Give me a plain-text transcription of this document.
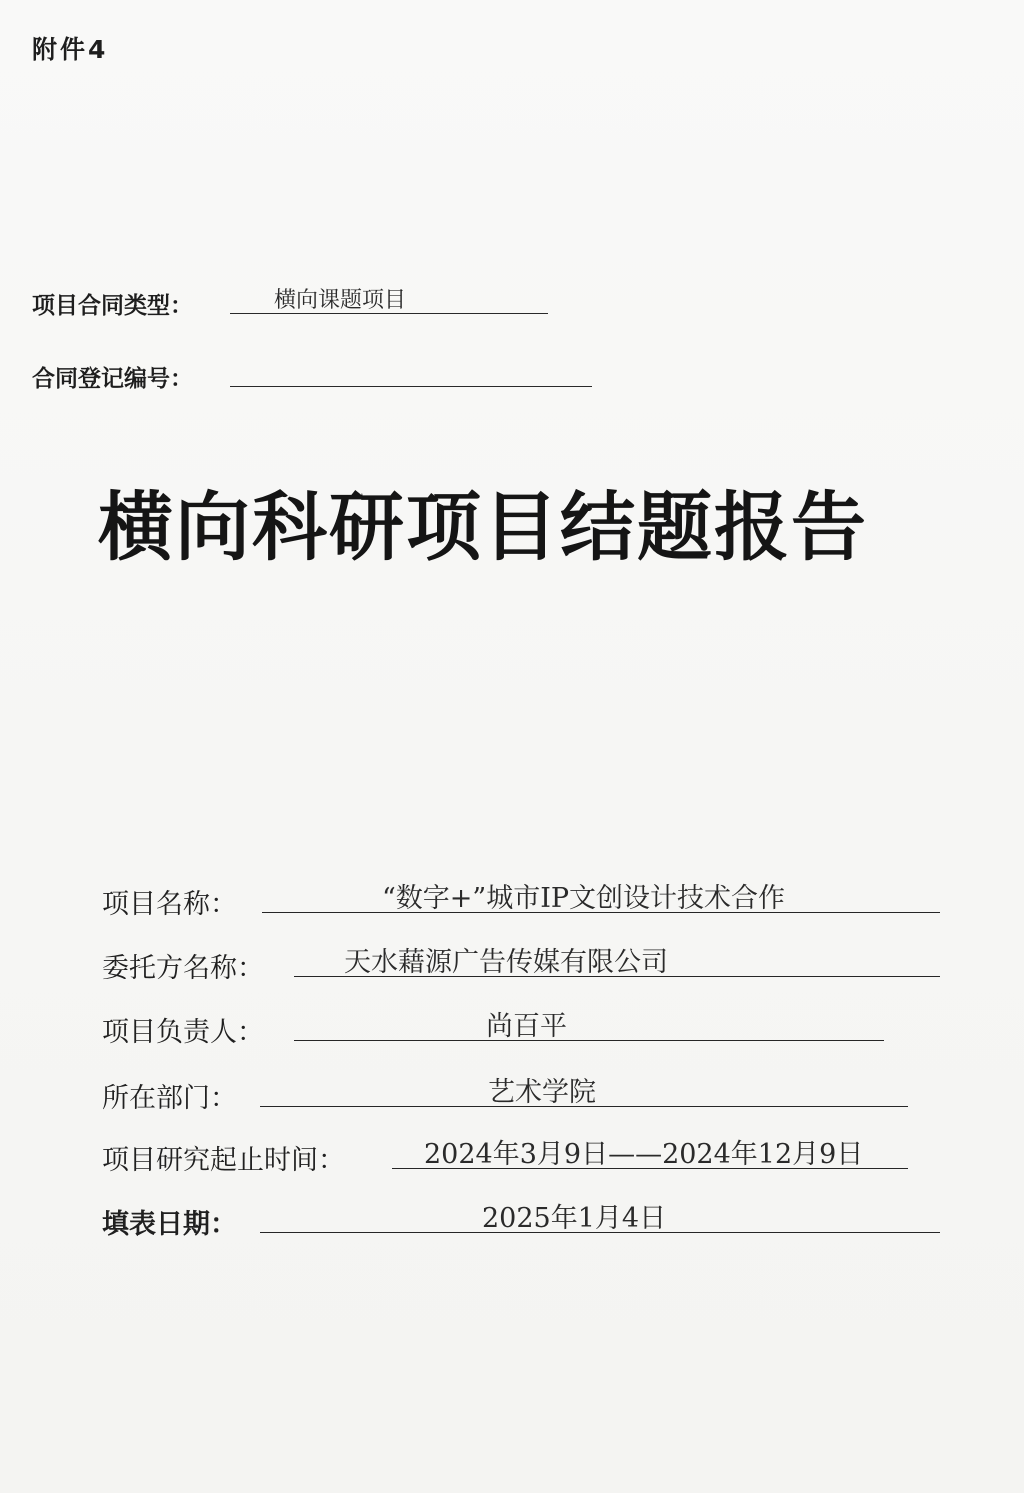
附件4
项目合同类型：	横向课题项目
合同登记编号：
横向科研项目结题报告
项目名称：	“数字+”城市IP文创设计技术合作
委托方名称：	天水藉源广告传媒有限公司
项目负责人：	尚百平
所在部门：	艺术学院
项目研究起止时间：	2024年3月9日——2024年12月9日
填表日期：	2025年1月4日
